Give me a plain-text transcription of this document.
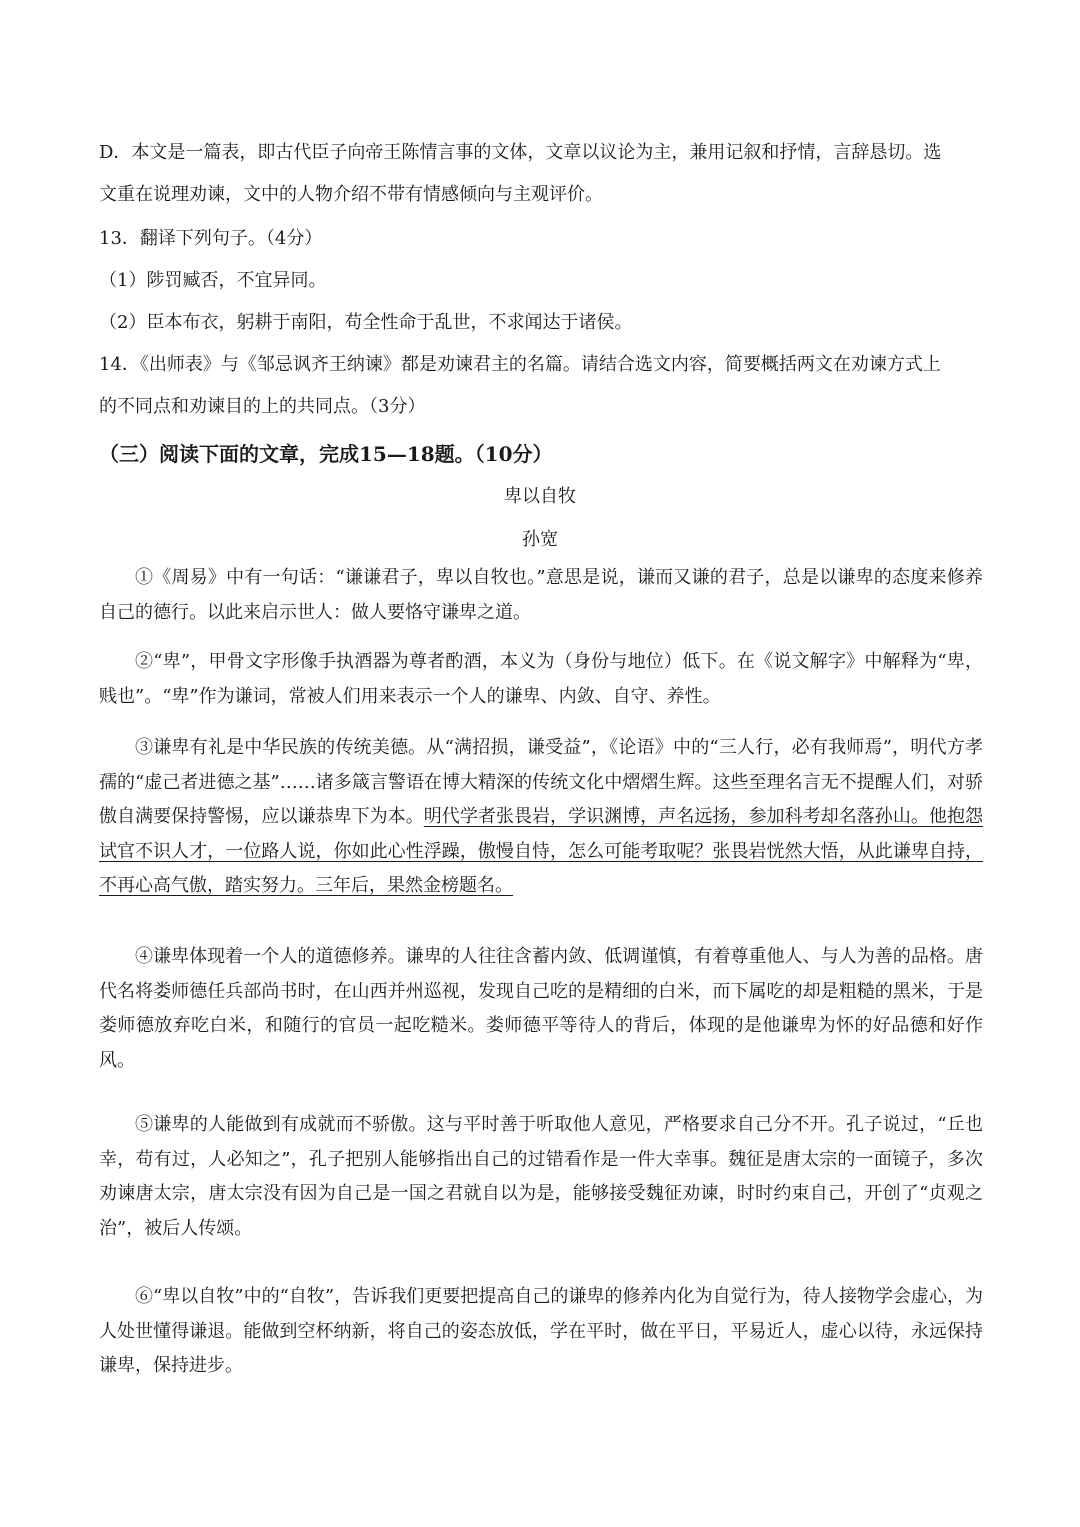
D．本文是一篇表，即古代臣子向帝王陈情言事的文体，文章以议论为主，兼用记叙和抒情，言辞恳切。选
文重在说理劝谏，文中的人物介绍不带有情感倾向与主观评价。
13．翻译下列句子。（4分）
（1）陟罚臧否，不宜异同。
（2）臣本布衣，躬耕于南阳，苟全性命于乱世，不求闻达于诸侯。
14．《出师表》与《邹忌讽齐王纳谏》都是劝谏君主的名篇。请结合选文内容，简要概括两文在劝谏方式上
的不同点和劝谏目的上的共同点。（3分）
（三）阅读下面的文章，完成15—18题。（10分）
卑以自牧
孙宽

①《周易》中有一句话：“谦谦君子，卑以自牧也。”意思是说，谦而又谦的君子，总是以谦卑的态度来修养自己的德行。以此来启示世人：做人要恪守谦卑之道。

②“卑”，甲骨文字形像手执酒器为尊者酌酒，本义为（身份与地位）低下。在《说文解字》中解释为“卑，贱也”。“卑”作为谦词，常被人们用来表示一个人的谦卑、内敛、自守、养性。

③谦卑有礼是中华民族的传统美德。从“满招损，谦受益”，《论语》中的“三人行，必有我师焉”，明代方孝孺的“虚己者进德之基”……诸多箴言警语在博大精深的传统文化中熠熠生辉。这些至理名言无不提醒人们，对骄傲自满要保持警惕，应以谦恭卑下为本。明代学者张畏岩，学识渊博，声名远扬，参加科考却名落孙山。他抱怨试官不识人才，一位路人说，你如此心性浮躁，傲慢自恃，怎么可能考取呢？张畏岩恍然大悟，从此谦卑自持，不再心高气傲，踏实努力。三年后，果然金榜题名。

④谦卑体现着一个人的道德修养。谦卑的人往往含蓄内敛、低调谨慎，有着尊重他人、与人为善的品格。唐代名将娄师德任兵部尚书时，在山西并州巡视，发现自己吃的是精细的白米，而下属吃的却是粗糙的黑米，于是娄师德放弃吃白米，和随行的官员一起吃糙米。娄师德平等待人的背后，体现的是他谦卑为怀的好品德和好作风。

⑤谦卑的人能做到有成就而不骄傲。这与平时善于听取他人意见，严格要求自己分不开。孔子说过，“丘也幸，苟有过，人必知之”，孔子把别人能够指出自己的过错看作是一件大幸事。魏征是唐太宗的一面镜子，多次劝谏唐太宗，唐太宗没有因为自己是一国之君就自以为是，能够接受魏征劝谏，时时约束自己，开创了“贞观之治”，被后人传颂。

⑥“卑以自牧”中的“自牧”，告诉我们更要把提高自己的谦卑的修养内化为自觉行为，待人接物学会虚心，为人处世懂得谦退。能做到空杯纳新，将自己的姿态放低，学在平时，做在平日，平易近人，虚心以待，永远保持谦卑，保持进步。
